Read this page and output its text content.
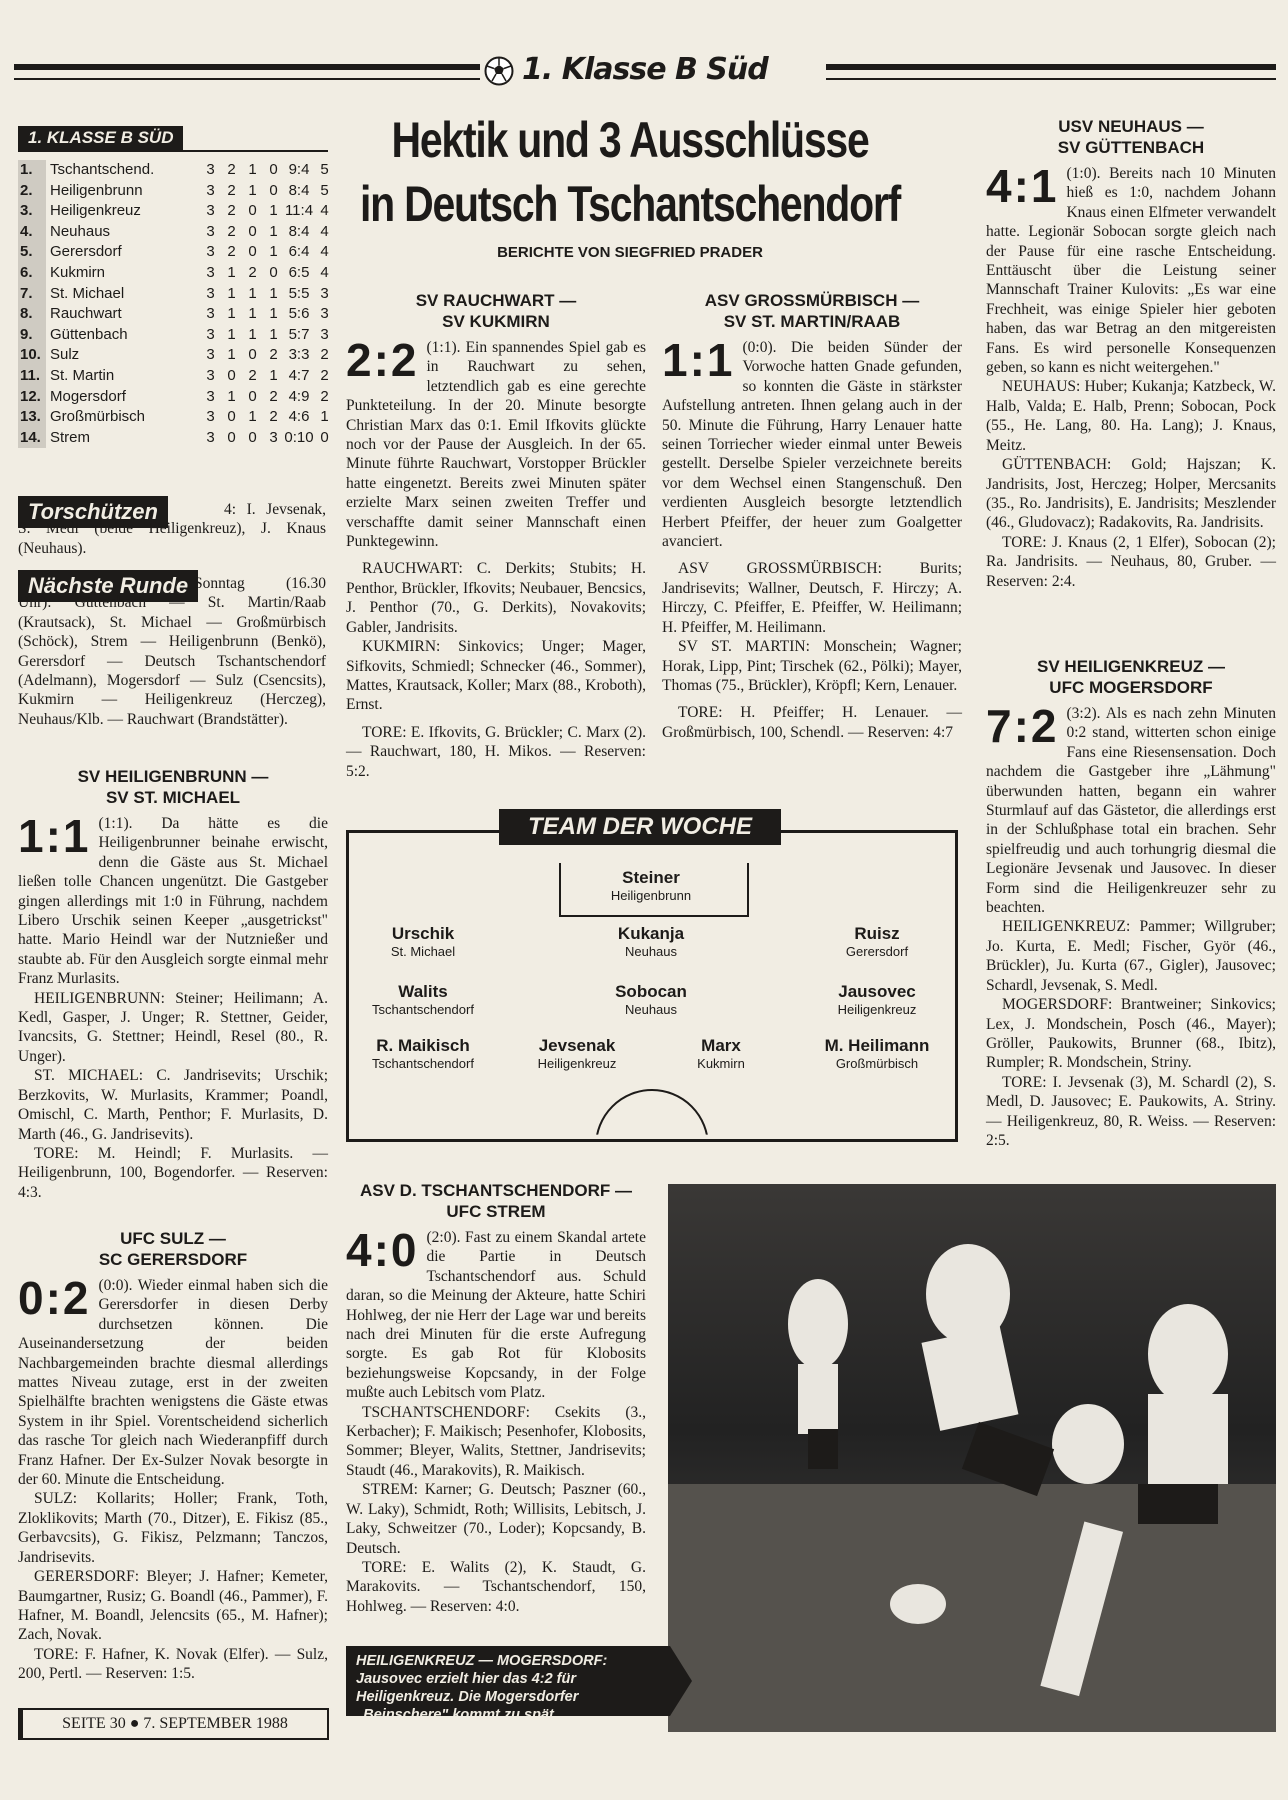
1. Klasse B Süd
1. KLASSE B SÜD
1.	Tschantschend.	3 2 1 0 9:4 5
2.	Heiligenbrunn	3 2 1 0 8:4 5
3.	Heiligenkreuz	3 2 0 1 11:4 4
4.	Neuhaus	3 2 0 1 8:4 4
5.	Gerersdorf	3 2 0 1 6:4 4
6.	Kukmirn	3 1 2 0 6:5 4
7.	St. Michael	3 1 1 1 5:5 3
8.	Rauchwart	3 1 1 1 5:6 3
9.	Güttenbach	3 1 1 1 5:7 3
10. Sulz	3 1 0 2 3:3 2
11. St. Martin	3 0 2 1 4:7 2
12. Mogersdorf	3 1 0 2 4:9 2
13. Großmürbisch	3 0 1 2 4:6 1
14. Strem	3 0 0 3 0:10 0
Torschützen	4: I. Jevsenak, S. Medl (beide Heiligenkreuz), J. Knaus (Neuhaus).
Nächste Runde Sonntag (16.30 Uhr): Güttenbach — St. Martin/Raab (Krautsack), St. Michael — Großmürbisch (Schöck), Strem — Heiligenbrunn (Benkö), Gerersdorf — Deutsch Tschantschendorf (Adelmann), Mogersdorf — Sulz (Csencsits), Kukmirn — Heiligenkreuz (Herczeg), Neuhaus/Klb. — Rauchwart (Brandstätter).
Hektik und 3 Ausschlüsse
in Deutsch Tschantschendorf
BERICHTE VON SIEGFRIED PRADER
SV HEILIGENBRUNN —
SV ST. MICHAEL
1:1 (1:1). Da hätte es die Heiligenbrunner beinahe erwischt, denn die Gäste aus St. Michael ließen tolle Chancen ungenützt. Die Gastgeber gingen allerdings mit 1:0 in Führung, nachdem Libero Urschik seinen Keeper „ausgetrickst" hatte. Mario Heindl war der Nutznießer und staubte ab. Für den Ausgleich sorgte einmal mehr Franz Murlasits.
HEILIGENBRUNN: Steiner; Heilimann; A. Kedl, Gasper, J. Unger; R. Stettner, Geider, Ivancsits, G. Stettner; Heindl, Resel (80., R. Unger).
ST. MICHAEL: C. Jandrisevits; Urschik; Berzkovits, W. Murlasits, Krammer; Poandl, Omischl, C. Marth, Penthor; F. Murlasits, D. Marth (46., G. Jandrisevits).
TORE: M. Heindl; F. Murlasits. — Heiligenbrunn, 100, Bogendorfer. — Reserven: 4:3.
UFC SULZ —
SC GERERSDORF
0:2 (0:0). Wieder einmal haben sich die Gerersdorfer in diesen Derby durchsetzen können. Die Auseinandersetzung der beiden Nachbargemeinden brachte diesmal allerdings mattes Niveau zutage, erst in der zweiten Spielhälfte brachten wenigstens die Gäste etwas System in ihr Spiel. Vorentscheidend sicherlich das rasche Tor gleich nach Wiederanpfiff durch Franz Hafner. Der Ex-Sulzer Novak besorgte in der 60. Minute die Entscheidung.
SULZ: Kollarits; Holler; Frank, Toth, Zloklikovits; Marth (70., Ditzer), E. Fikisz (85., Gerbavcsits), G. Fikisz, Pelzmann; Tanczos, Jandrisevits.
GERERSDORF: Bleyer; J. Hafner; Kemeter, Baumgartner, Rusiz; G. Boandl (46., Pammer), F. Hafner, M. Boandl, Jelencsits (65., M. Hafner); Zach, Novak.
TORE: F. Hafner, K. Novak (Elfer). — Sulz, 200, Pertl. — Reserven: 1:5.
SV RAUCHWART —
SV KUKMIRN
2:2 (1:1). Ein spannendes Spiel gab es in Rauchwart zu sehen, letztendlich gab es eine gerechte Punkteteilung. In der 20. Minute besorgte Christian Marx das 0:1. Emil Ifkovits glückte noch vor der Pause der Ausgleich. In der 65. Minute führte Rauchwart, Vorstopper Brückler hatte eingenetzt. Bereits zwei Minuten später erzielte Marx seinen zweiten Treffer und verschaffte damit seiner Mannschaft einen Punktegewinn.
RAUCHWART: C. Derkits; Stubits; H. Penthor, Brückler, Ifkovits; Neubauer, Bencsics, J. Penthor (70., G. Derkits), Novakovits; Gabler, Jandrisits.
KUKMIRN: Sinkovics; Unger; Mager, Sifkovits, Schmiedl; Schnecker (46., Sommer), Mattes, Krautsack, Koller; Marx (88., Kroboth), Ernst.
TORE: E. Ifkovits, G. Brückler; C. Marx (2). — Rauchwart, 180, H. Mikos. — Reserven: 5:2.
ASV GROSSMÜRBISCH —
SV ST. MARTIN/RAAB
1:1 (0:0). Die beiden Sünder der Vorwoche hatten Gnade gefunden, so konnten die Gäste in stärkster Aufstellung antreten. Ihnen gelang auch in der 50. Minute die Führung, Harry Lenauer hatte seinen Torriecher wieder einmal unter Beweis gestellt. Derselbe Spieler verzeichnete bereits vor dem Wechsel einen Stangenschuß. Den verdienten Ausgleich besorgte letztendlich Herbert Pfeiffer, der heuer zum Goalgetter avanciert.
ASV GROSSMÜRBISCH: Burits; Jandrisevits; Wallner, Deutsch, F. Hirczy; A. Hirczy, C. Pfeiffer, E. Pfeiffer, W. Heilimann; H. Pfeiffer, M. Heilimann.
SV ST. MARTIN: Monschein; Wagner; Horak, Lipp, Pint; Tirschek (62., Pölki); Mayer, Thomas (75., Brückler), Kröpfl; Kern, Lenauer.
TORE: H. Pfeiffer; H. Lenauer. — Großmürbisch, 100, Schendl. — Reserven: 4:7
TEAM DER WOCHE
Steiner
Heiligenbrunn
Urschik
St. Michael
Kukanja
Neuhaus
Ruisz
Gerersdorf
Walits
Tschantschendorf
Sobocan
Neuhaus
Jausovec
Heiligenkreuz
R. Maikisch
Tschantschendorf
Jevsenak
Heiligenkreuz
Marx
Kukmirn
M. Heilimann
Großmürbisch
ASV D. TSCHANTSCHENDORF —
UFC STREM
4:0 (2:0). Fast zu einem Skandal artete die Partie in Deutsch Tschantschendorf aus. Schuld daran, so die Meinung der Akteure, hatte Schiri Hohlweg, der nie Herr der Lage war und bereits nach drei Minuten für die erste Aufregung sorgte. Es gab Rot für Klobosits beziehungsweise Kopcsandy, in der Folge mußte auch Lebitsch vom Platz.
TSCHANTSCHENDORF: Csekits (3., Kerbacher); F. Maikisch; Pesenhofer, Klobosits, Sommer; Bleyer, Walits, Stettner, Jandrisevits; Staudt (46., Marakovits), R. Maikisch.
STREM: Karner; G. Deutsch; Paszner (60., W. Laky), Schmidt, Roth; Willisits, Lebitsch, J. Laky, Schweitzer (70., Loder); Kopcsandy, B. Deutsch.
TORE: E. Walits (2), K. Staudt, G. Marakovits. — Tschantschendorf, 150, Hohlweg. — Reserven: 4:0.
USV NEUHAUS —
SV GÜTTENBACH
4:1 (1:0). Bereits nach 10 Minuten hieß es 1:0, nachdem Johann Knaus einen Elfmeter verwandelt hatte. Legionär Sobocan sorgte gleich nach der Pause für eine rasche Entscheidung. Enttäuscht über die Leistung seiner Mannschaft Trainer Kulovits: „Es war eine Frechheit, was einige Spieler hier geboten haben, das war Betrag an den mitgereisten Fans. Es wird personelle Konsequenzen geben, so kann es nicht weitergehen."
NEUHAUS: Huber; Kukanja; Katzbeck, W. Halb, Valda; E. Halb, Prenn; Sobocan, Pock (55., He. Lang, 80. Ha. Lang); J. Knaus, Meitz.
GÜTTENBACH: Gold; Hajszan; K. Jandrisits, Jost, Herczeg; Holper, Mercsanits (35., Ro. Jandrisits), E. Jandrisits; Meszlender (46., Gludovacz); Radakovits, Ra. Jandrisits.
TORE: J. Knaus (2, 1 Elfer), Sobocan (2); Ra. Jandrisits. — Neuhaus, 80, Gruber. — Reserven: 2:4.
SV HEILIGENKREUZ —
UFC MOGERSDORF
7:2 (3:2). Als es nach zehn Minuten 0:2 stand, witterten schon einige Fans eine Riesensensation. Doch nachdem die Gastgeber ihre „Lähmung" überwunden hatten, begann ein wahrer Sturmlauf auf das Gästetor, die allerdings erst in der Schlußphase total ein brachen. Sehr spielfreudig und auch torhungrig diesmal die Legionäre Jevsenak und Jausovec. In dieser Form sind die Heiligenkreuzer sehr zu beachten.
HEILIGENKREUZ: Pammer; Willgruber; Jo. Kurta, E. Medl; Fischer, Györ (46., Brückler), Ju. Kurta (67., Gigler), Jausovec; Schardl, Jevsenak, S. Medl.
MOGERSDORF: Brantweiner; Sinkovics; Lex, J. Mondschein, Posch (46., Mayer); Gröller, Paukowits, Brunner (68., Ibitz), Rumpler; R. Mondschein, Striny.
TORE: I. Jevsenak (3), M. Schardl (2), S. Medl, D. Jausovec; E. Paukowits, A. Striny. — Heiligenkreuz, 80, R. Weiss. — Reserven: 2:5.
HEILIGENKREUZ — MOGERSDORF: Jausovec erzielt hier das 4:2 für Heiligenkreuz. Die Mogersdorfer „Beinschere" kommt zu spät.
SEITE 30 ● 7. SEPTEMBER 1988
